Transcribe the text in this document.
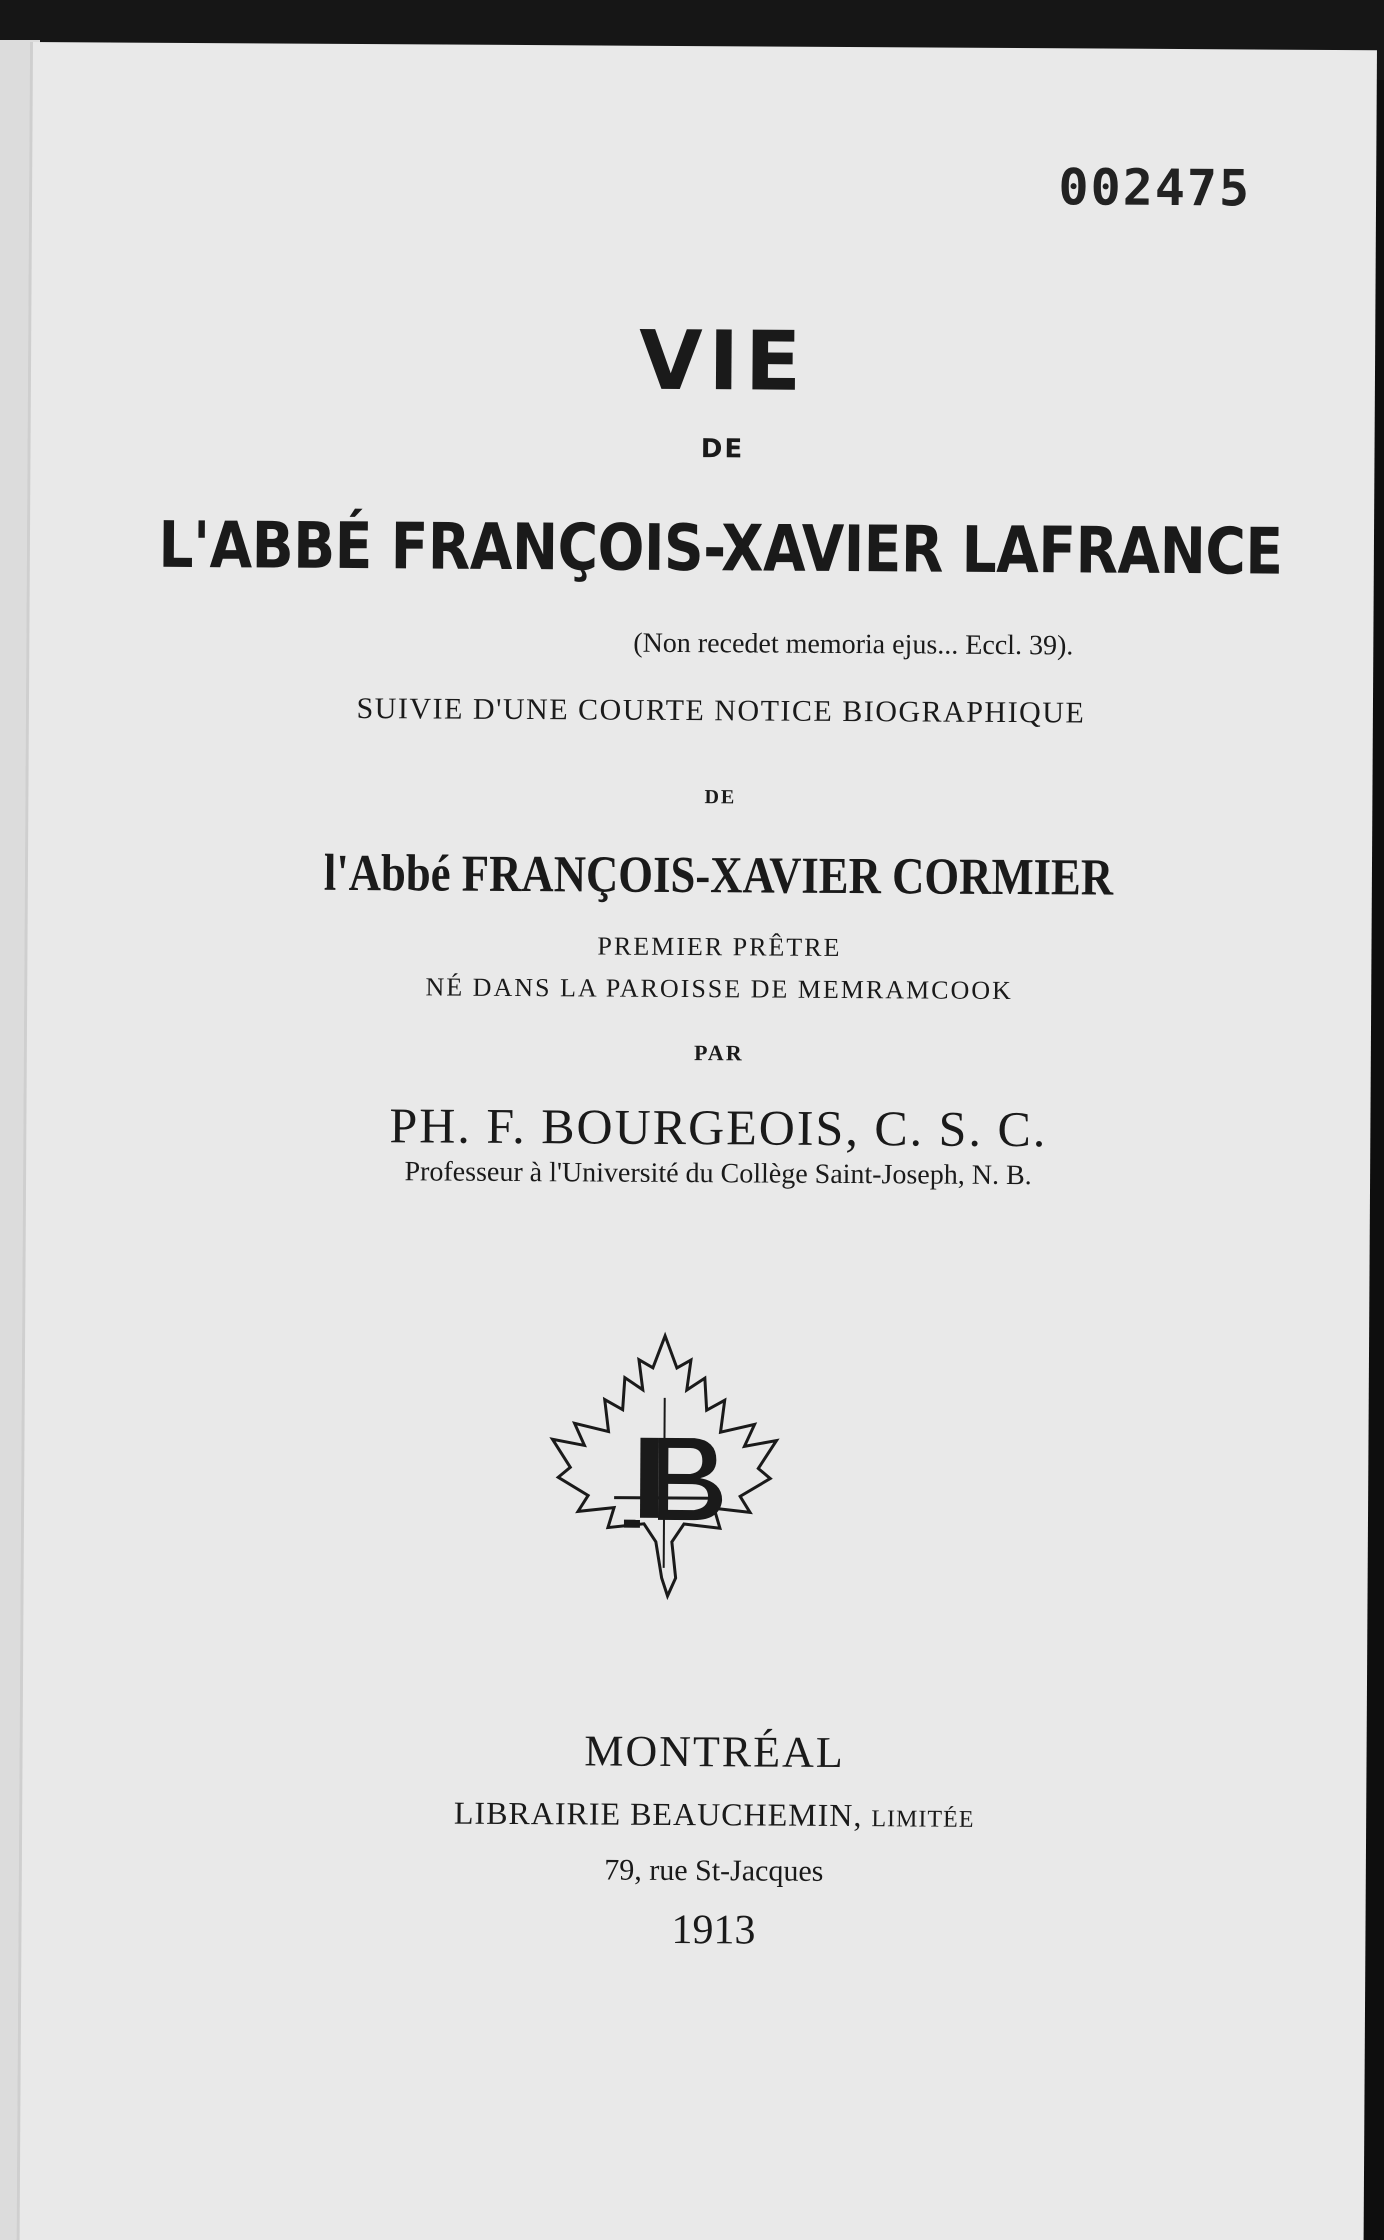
002475
VIE
DE
L'ABBÉ FRANÇOIS-XAVIER LAFRANCE
(Non recedet memoria ejus... Eccl. 39).
SUIVIE D'UNE COURTE NOTICE BIOGRAPHIQUE
DE
l'Abbé FRANÇOIS-XAVIER CORMIER
PREMIER PRÊTRE
NÉ DANS LA PAROISSE DE MEMRAMCOOK
PAR
PH. F. BOURGEOIS, C. S. C.
Professeur à l'Université du Collège Saint-Joseph, N. B.
MONTRÉAL
LIBRAIRIE BEAUCHEMIN, LIMITÉE
79, rue St-Jacques
1913
